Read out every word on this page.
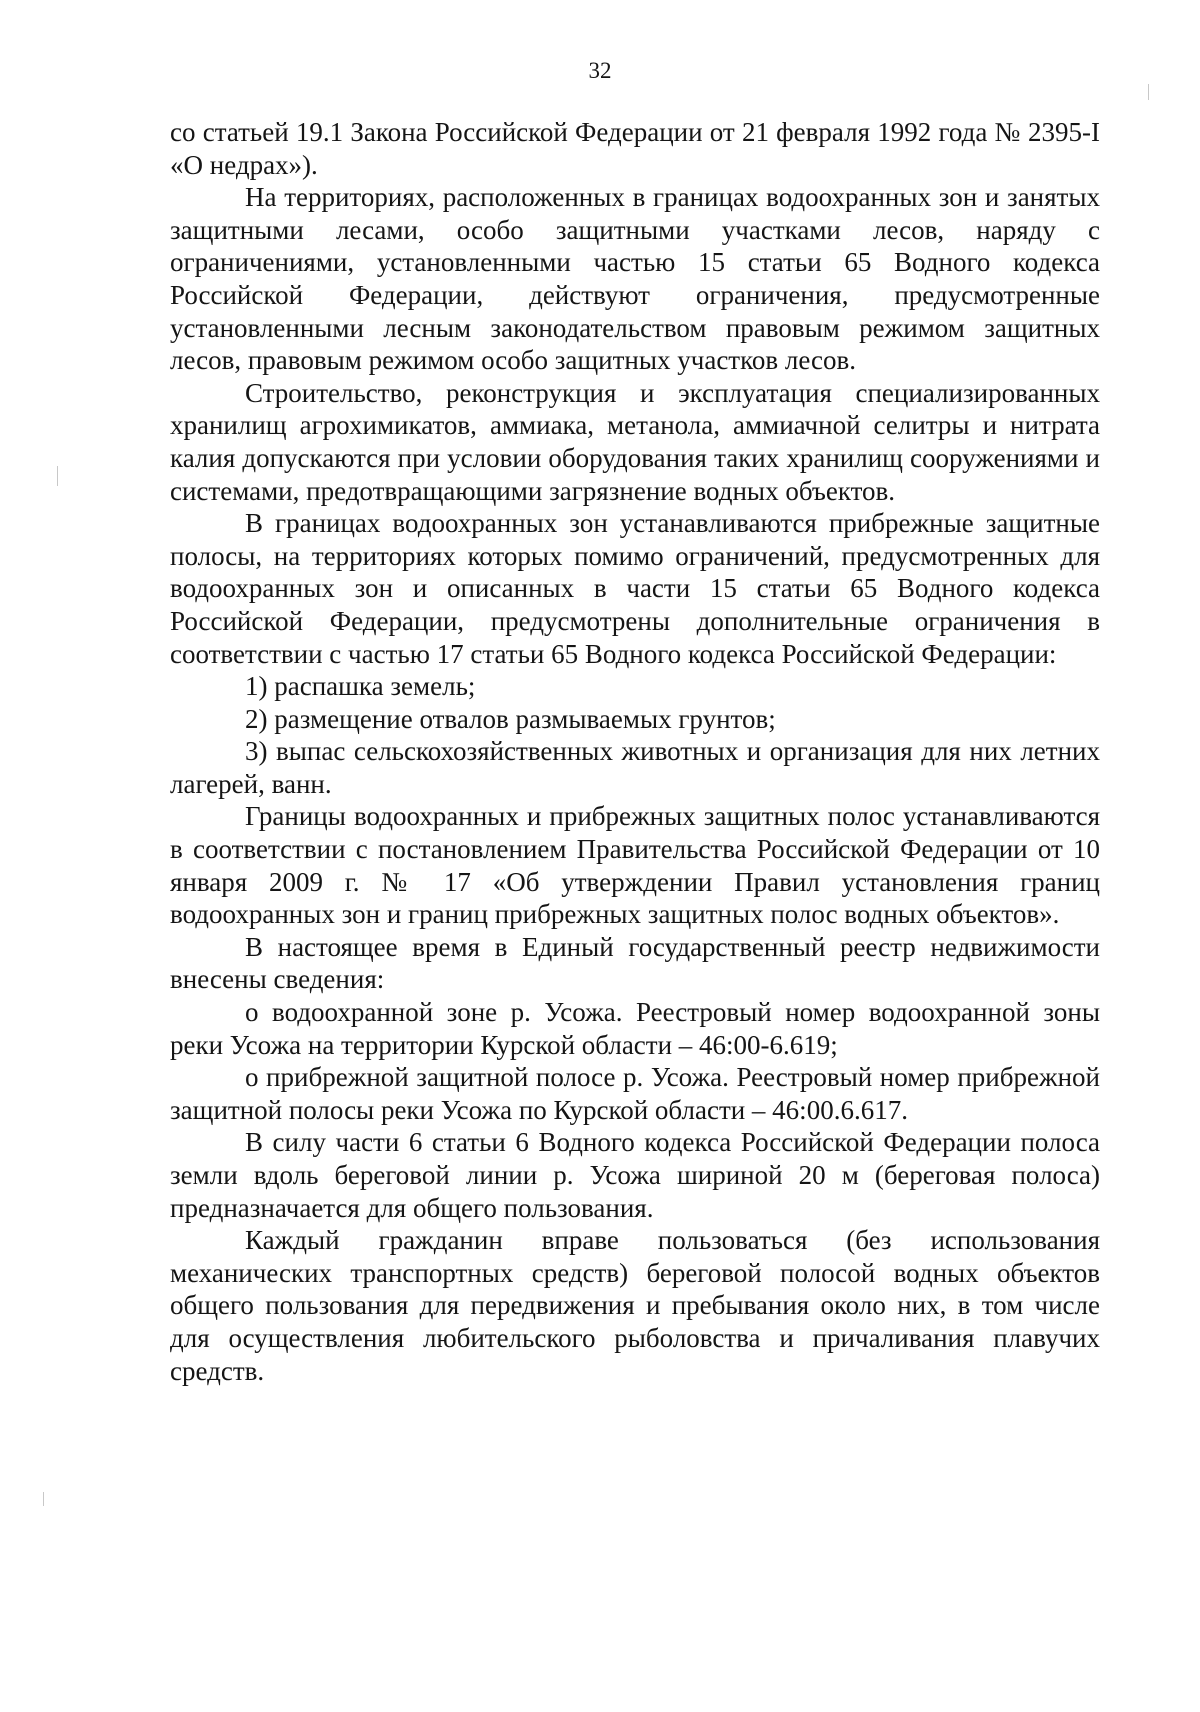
32

со статьей 19.1 Закона Российской Федерации от 21 февраля 1992 года № 2395-I «О недрах»).

На территориях, расположенных в границах водоохранных зон и занятых защитными лесами, особо защитными участками лесов, наряду с ограничениями, установленными частью 15 статьи 65 Водного кодекса Российской Федерации, действуют ограничения, предусмотренные установленными лесным законодательством правовым режимом защитных лесов, правовым режимом особо защитных участков лесов.

Строительство, реконструкция и эксплуатация специализированных хранилищ агрохимикатов, аммиака, метанола, аммиачной селитры и нитрата калия допускаются при условии оборудования таких хранилищ сооружениями и системами, предотвращающими загрязнение водных объектов.

В границах водоохранных зон устанавливаются прибрежные защитные полосы, на территориях которых помимо ограничений, предусмотренных для водоохранных зон и описанных в части 15 статьи 65 Водного кодекса Российской Федерации, предусмотрены дополнительные ограничения в соответствии с частью 17 статьи 65 Водного кодекса Российской Федерации:

1) распашка земель;

2) размещение отвалов размываемых грунтов;

3) выпас сельскохозяйственных животных и организация для них летних лагерей, ванн.

Границы водоохранных и прибрежных защитных полос устанавливаются в соответствии с постановлением Правительства Российской Федерации от 10 января 2009 г. № 17 «Об утверждении Правил установления границ водоохранных зон и границ прибрежных защитных полос водных объектов».

В настоящее время в Единый государственный реестр недвижимости внесены сведения:

о водоохранной зоне р. Усожа. Реестровый номер водоохранной зоны реки Усожа на территории Курской области – 46:00-6.619;

о прибрежной защитной полосе р. Усожа. Реестровый номер прибрежной защитной полосы реки Усожа по Курской области – 46:00.6.617.

В силу части 6 статьи 6 Водного кодекса Российской Федерации полоса земли вдоль береговой линии р. Усожа шириной 20 м (береговая полоса) предназначается для общего пользования.

Каждый гражданин вправе пользоваться (без использования механических транспортных средств) береговой полосой водных объектов общего пользования для передвижения и пребывания около них, в том числе для осуществления любительского рыболовства и причаливания плавучих средств.
